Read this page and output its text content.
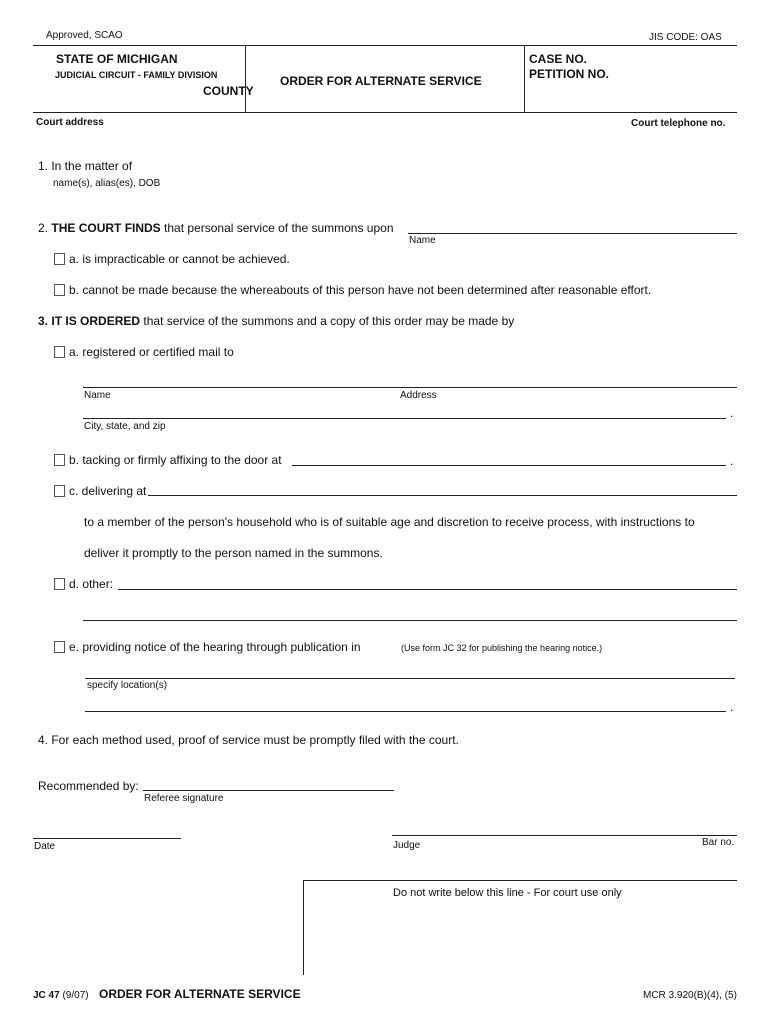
Approved, SCAO	JIS CODE: OAS
STATE OF MICHIGAN
JUDICIAL CIRCUIT - FAMILY DIVISION
COUNTY
ORDER FOR ALTERNATE SERVICE
CASE NO.
PETITION NO.
Court address	Court telephone no.
1. In the matter of
name(s), alias(es), DOB
2. THE COURT FINDS that personal service of the summons upon
Name
a. is impracticable or cannot be achieved.
b. cannot be made because the whereabouts of this person have not been determined after reasonable effort.
3. IT IS ORDERED that service of the summons and a copy of this order may be made by
a. registered or certified mail to
Name	Address
.
City, state, and zip
b. tacking or firmly affixing to the door at	.
c. delivering at
to a member of the person's household who is of suitable age and discretion to receive process, with instructions to
deliver it promptly to the person named in the summons.
d. other:
e. providing notice of the hearing through publication in	(Use form JC 32 for publishing the hearing notice.)
specify location(s)
.
4. For each method used, proof of service must be promptly filed with the court.
Recommended by:
Referee signature
Date	Judge	Bar no.
Do not write below this line - For court use only
JC 47 (9/07) ORDER FOR ALTERNATE SERVICE	MCR 3.920(B)(4), (5)
